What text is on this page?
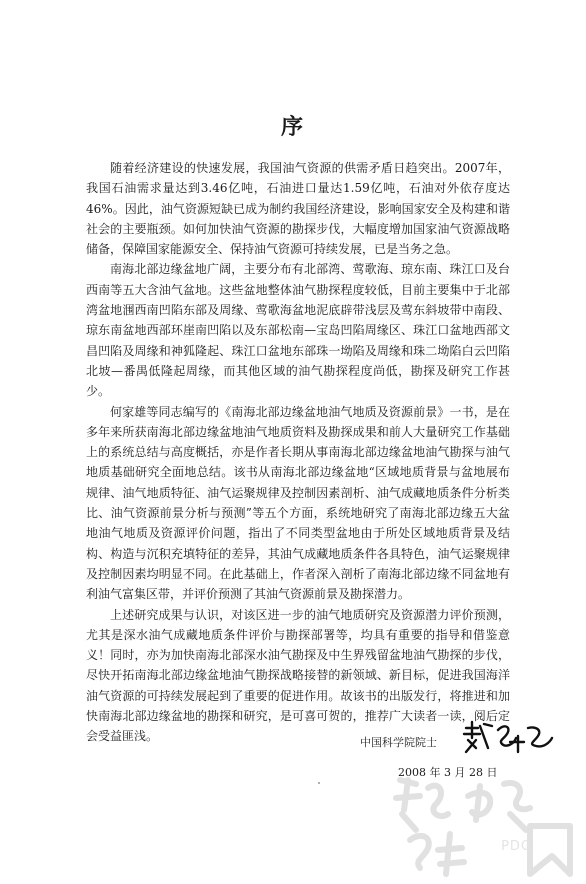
序

随着经济建设的快速发展，我国油气资源的供需矛盾日趋突出。2007年，我国石油需求量达到3.46亿吨，石油进口量达1.59亿吨，石油对外依存度达46%。因此，油气资源短缺已成为制约我国经济建设，影响国家安全及构建和谐社会的主要瓶颈。如何加快油气资源的勘探步伐，大幅度增加国家油气资源战略储备，保障国家能源安全、保持油气资源可持续发展，已是当务之急。

南海北部边缘盆地广阔，主要分布有北部湾、莺歌海、琼东南、珠江口及台西南等五大含油气盆地。这些盆地整体油气勘探程度较低，目前主要集中于北部湾盆地涠西南凹陷东部及周缘、莺歌海盆地泥底辟带浅层及莺东斜坡带中南段、琼东南盆地西部环崖南凹陷以及东部松南—宝岛凹陷周缘区、珠江口盆地西部文昌凹陷及周缘和神狐隆起、珠江口盆地东部珠一坳陷及周缘和珠二坳陷白云凹陷北坡—番禺低隆起周缘，而其他区域的油气勘探程度尚低，勘探及研究工作甚少。

何家雄等同志编写的《南海北部边缘盆地油气地质及资源前景》一书，是在多年来所获南海北部边缘盆地油气地质资料及勘探成果和前人大量研究工作基础上的系统总结与高度概括，亦是作者长期从事南海北部边缘盆地油气勘探与油气地质基础研究全面地总结。该书从南海北部边缘盆地“区域地质背景与盆地展布规律、油气地质特征、油气运聚规律及控制因素剖析、油气成藏地质条件分析类比、油气资源前景分析与预测”等五个方面，系统地研究了南海北部边缘五大盆地油气地质及资源评价问题，指出了不同类型盆地由于所处区域地质背景及结构、构造与沉积充填特征的差异，其油气成藏地质条件各具特色，油气运聚规律及控制因素均明显不同。在此基础上，作者深入剖析了南海北部边缘不同盆地有利油气富集区带，并评价预测了其油气资源前景及勘探潜力。

上述研究成果与认识，对该区进一步的油气地质研究及资源潜力评价预测，尤其是深水油气成藏地质条件评价与勘探部署等，均具有重要的指导和借鉴意义！同时，亦为加快南海北部深水油气勘探及中生界残留盆地油气勘探的步伐，尽快开拓南海北部边缘盆地油气勘探战略接替的新领域、新目标，促进我国海洋油气资源的可持续发展起到了重要的促进作用。故该书的出版发行，将推进和加快南海北部边缘盆地的勘探和研究，是可喜可贺的，推荐广大读者一读，阅后定会受益匪浅。	中国科学院院士
2008 年 3 月 28 日
PDG
